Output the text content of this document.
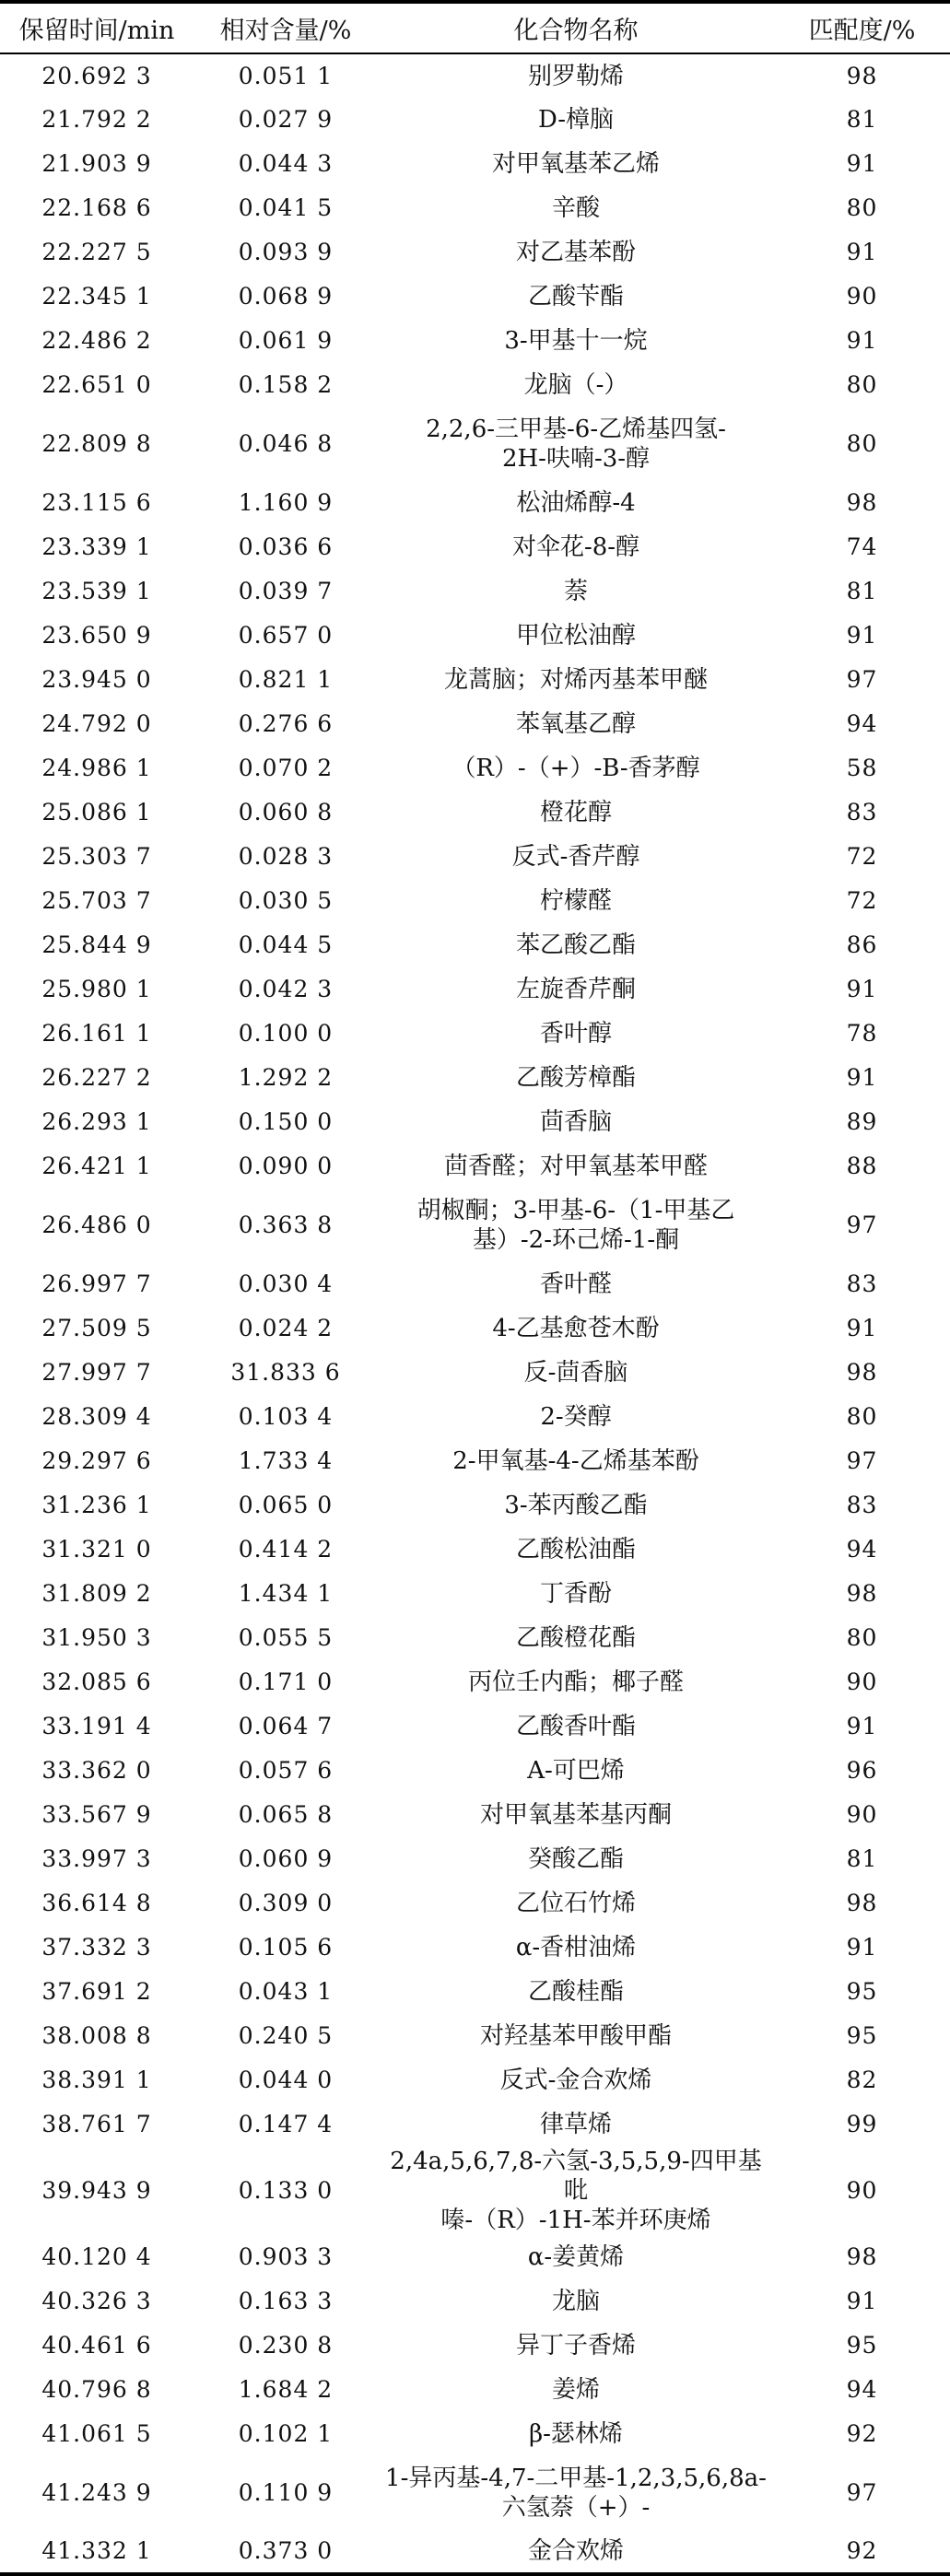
保留时间/min	相对含量/%	化合物名称	匹配度/%
20.692 3	0.051 1	别罗勒烯	98
21.792 2	0.027 9	D-樟脑	81
21.903 9	0.044 3	对甲氧基苯乙烯	91
22.168 6	0.041 5	辛酸	80
22.227 5	0.093 9	对乙基苯酚	91
22.345 1	0.068 9	乙酸苄酯	90
22.486 2	0.061 9	3-甲基十一烷	91
22.651 0	0.158 2	龙脑（-）	80
22.809 8	0.046 8	2,2,6-三甲基-6-乙烯基四氢-
2H-呋喃-3-醇	80
23.115 6	1.160 9	松油烯醇-4	98
23.339 1	0.036 6	对伞花-8-醇	74
23.539 1	0.039 7	萘	81
23.650 9	0.657 0	甲位松油醇	91
23.945 0	0.821 1	龙蒿脑；对烯丙基苯甲醚	97
24.792 0	0.276 6	苯氧基乙醇	94
24.986 1	0.070 2	（R）-（+）-B-香茅醇	58
25.086 1	0.060 8	橙花醇	83
25.303 7	0.028 3	反式-香芹醇	72
25.703 7	0.030 5	柠檬醛	72
25.844 9	0.044 5	苯乙酸乙酯	86
25.980 1	0.042 3	左旋香芹酮	91
26.161 1	0.100 0	香叶醇	78
26.227 2	1.292 2	乙酸芳樟酯	91
26.293 1	0.150 0	茴香脑	89
26.421 1	0.090 0	茴香醛；对甲氧基苯甲醛	88
26.486 0	0.363 8	胡椒酮；3-甲基-6-（1-甲基乙
基）-2-环己烯-1-酮	97
26.997 7	0.030 4	香叶醛	83
27.509 5	0.024 2	4-乙基愈苍木酚	91
27.997 7	31.833 6	反-茴香脑	98
28.309 4	0.103 4	2-癸醇	80
29.297 6	1.733 4	2-甲氧基-4-乙烯基苯酚	97
31.236 1	0.065 0	3-苯丙酸乙酯	83
31.321 0	0.414 2	乙酸松油酯	94
31.809 2	1.434 1	丁香酚	98
31.950 3	0.055 5	乙酸橙花酯	80
32.085 6	0.171 0	丙位壬内酯；椰子醛	90
33.191 4	0.064 7	乙酸香叶酯	91
33.362 0	0.057 6	A-可巴烯	96
33.567 9	0.065 8	对甲氧基苯基丙酮	90
33.997 3	0.060 9	癸酸乙酯	81
36.614 8	0.309 0	乙位石竹烯	98
37.332 3	0.105 6	α-香柑油烯	91
37.691 2	0.043 1	乙酸桂酯	95
38.008 8	0.240 5	对羟基苯甲酸甲酯	95
38.391 1	0.044 0	反式-金合欢烯	82
38.761 7	0.147 4	律草烯	99
39.943 9	0.133 0	2,4a,5,6,7,8-六氢-3,5,5,9-四甲基吡
嗪-（R）-1H-苯并环庚烯	90
40.120 4	0.903 3	α-姜黄烯	98
40.326 3	0.163 3	龙脑	91
40.461 6	0.230 8	异丁子香烯	95
40.796 8	1.684 2	姜烯	94
41.061 5	0.102 1	β-瑟林烯	92
41.243 9	0.110 9	1-异丙基-4,7-二甲基-1,2,3,5,6,8a-
六氢萘（+）-	97
41.332 1	0.373 0	金合欢烯	92
